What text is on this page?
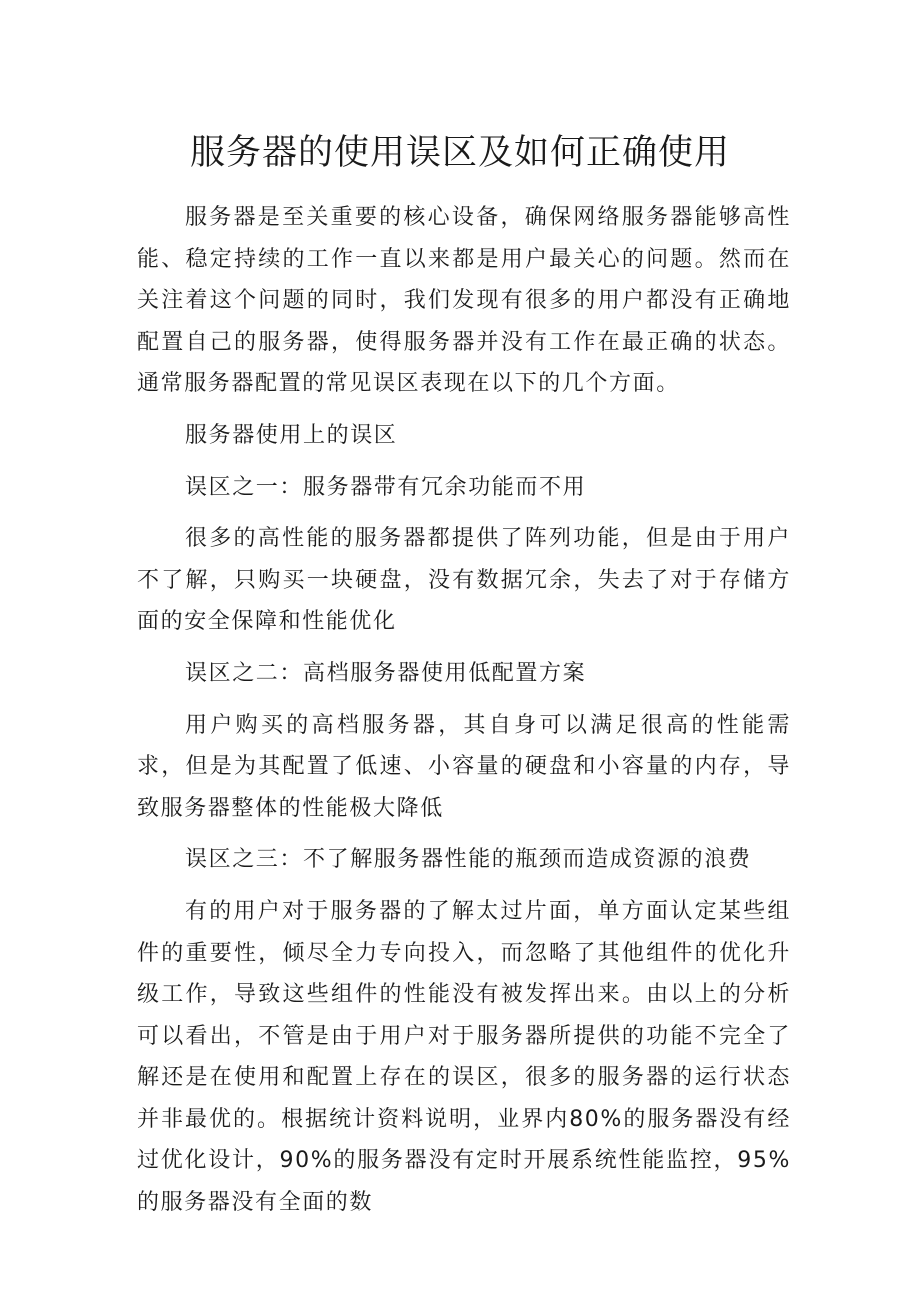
服务器的使用误区及如何正确使用

服务器是至关重要的核心设备，确保网络服务器能够高性能、稳定持续的工作一直以来都是用户最关心的问题。然而在关注着这个问题的同时，我们发现有很多的用户都没有正确地配置自己的服务器，使得服务器并没有工作在最正确的状态。通常服务器配置的常见误区表现在以下的几个方面。

服务器使用上的误区

误区之一：服务器带有冗余功能而不用

很多的高性能的服务器都提供了阵列功能，但是由于用户不了解，只购买一块硬盘，没有数据冗余，失去了对于存储方面的安全保障和性能优化

误区之二：高档服务器使用低配置方案

用户购买的高档服务器，其自身可以满足很高的性能需求，但是为其配置了低速、小容量的硬盘和小容量的内存，导致服务器整体的性能极大降低

误区之三：不了解服务器性能的瓶颈而造成资源的浪费

有的用户对于服务器的了解太过片面，单方面认定某些组件的重要性，倾尽全力专向投入，而忽略了其他组件的优化升级工作，导致这些组件的性能没有被发挥出来。由以上的分析可以看出，不管是由于用户对于服务器所提供的功能不完全了解还是在使用和配置上存在的误区，很多的服务器的运行状态并非最优的。根据统计资料说明，业界内80%的服务器没有经过优化设计，90%的服务器没有定时开展系统性能监控，95%的服务器没有全面的数
